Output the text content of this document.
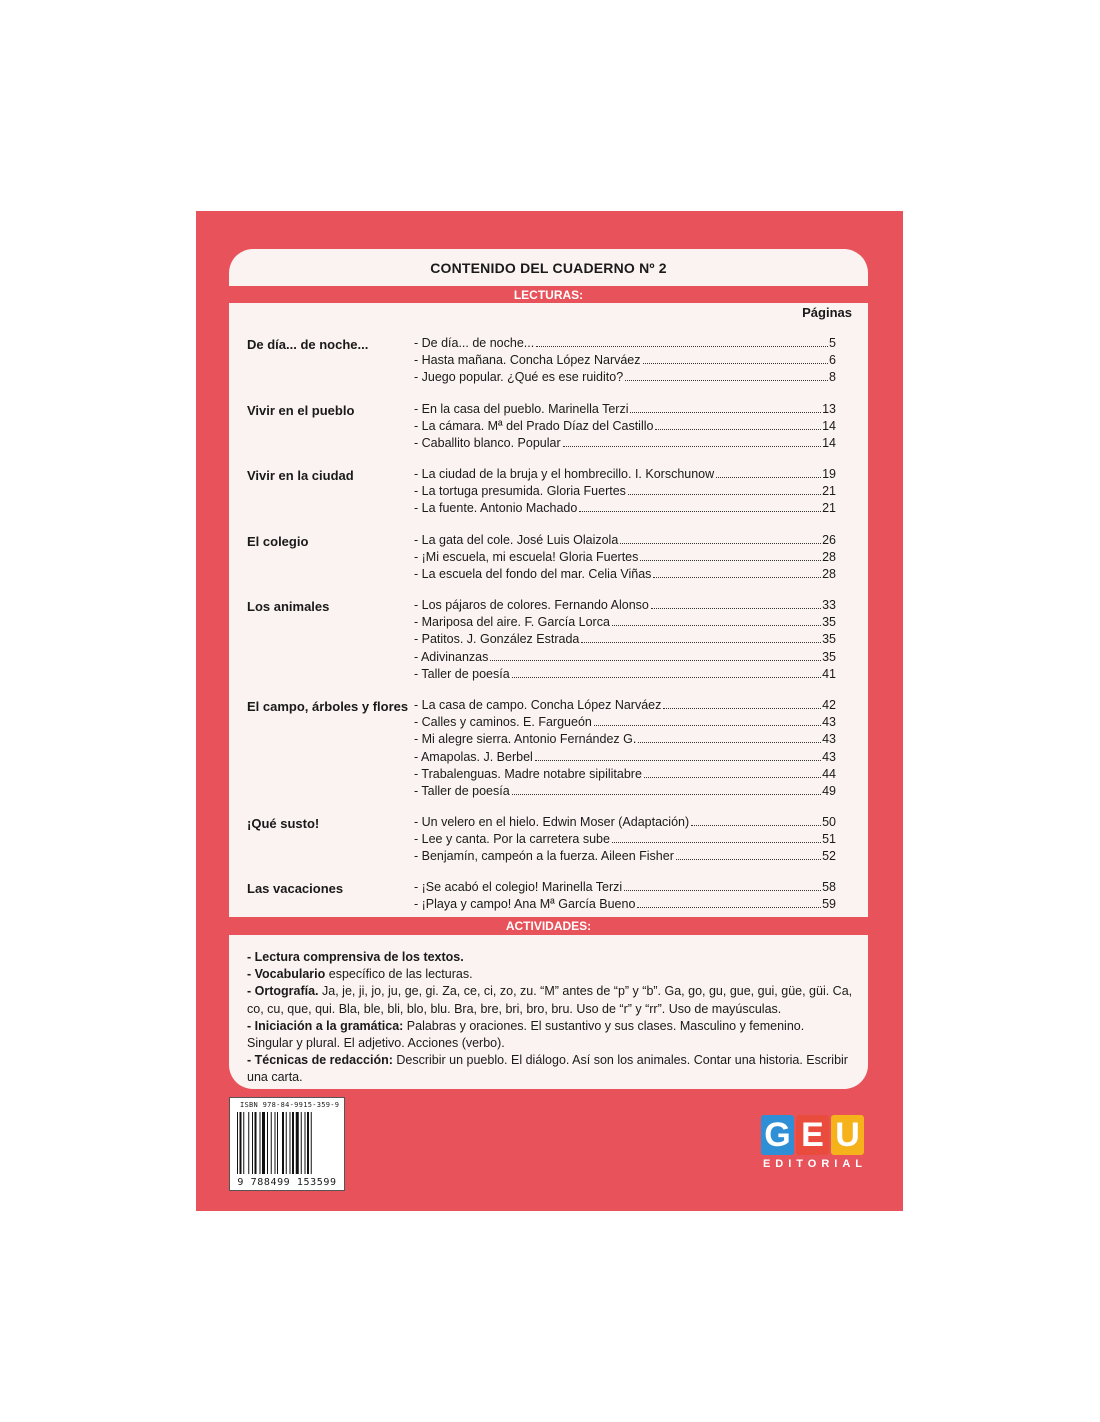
CONTENIDO DEL CUADERNO Nº 2
LECTURAS:
Páginas
De día... de noche...	- De día... de noche...	5
- Hasta mañana. Concha López Narváez	6
- Juego popular. ¿Qué es ese ruidito?	8
Vivir en el pueblo	- En la casa del pueblo. Marinella Terzi	13
- La cámara. Mª del Prado Díaz del Castillo	14
- Caballito blanco. Popular	14
Vivir en la ciudad	- La ciudad de la bruja y el hombrecillo. I. Korschunow	19
- La tortuga presumida. Gloria Fuertes	21
- La fuente. Antonio Machado	21
El colegio	- La gata del cole. José Luis Olaizola	26
- ¡Mi escuela, mi escuela! Gloria Fuertes	28
- La escuela del fondo del mar. Celia Viñas	28
Los animales	- Los pájaros de colores. Fernando Alonso	33
- Mariposa del aire. F. García Lorca	35
- Patitos. J. González Estrada	35
- Adivinanzas	35
- Taller de poesía	41
El campo, árboles y flores - La casa de campo. Concha López Narváez	42
- Calles y caminos. E. Fargueón	43
- Mi alegre sierra. Antonio Fernández G.	43
- Amapolas. J. Berbel	43
- Trabalenguas. Madre notabre sipilitabre	44
- Taller de poesía	49
¡Qué susto!	- Un velero en el hielo. Edwin Moser (Adaptación)	50
- Lee y canta. Por la carretera sube	51
- Benjamín, campeón a la fuerza. Aileen Fisher	52
Las vacaciones	- ¡Se acabó el colegio! Marinella Terzi	58
- ¡Playa y campo! Ana Mª García Bueno	59
ACTIVIDADES:
- Lectura comprensiva de los textos.
- Vocabulario específico de las lecturas.
- Ortografía. Ja, je, ji, jo, ju, ge, gi. Za, ce, ci, zo, zu. “M” antes de “p” y “b”. Ga, go, gu, gue, gui, güe, güi. Ca, co, cu, que, qui. Bla, ble, bli, blo, blu. Bra, bre, bri, bro, bru. Uso de “r” y “rr”. Uso de mayúsculas.
- Iniciación a la gramática: Palabras y oraciones. El sustantivo y sus clases. Masculino y femenino. Singular y plural. El adjetivo. Acciones (verbo).
- Técnicas de redacción: Describir un pueblo. El diálogo. Así son los animales. Contar una historia. Escribir una carta.
ISBN 978-84-9915-359-9
9 788499 153599
G E U
EDITORIAL
